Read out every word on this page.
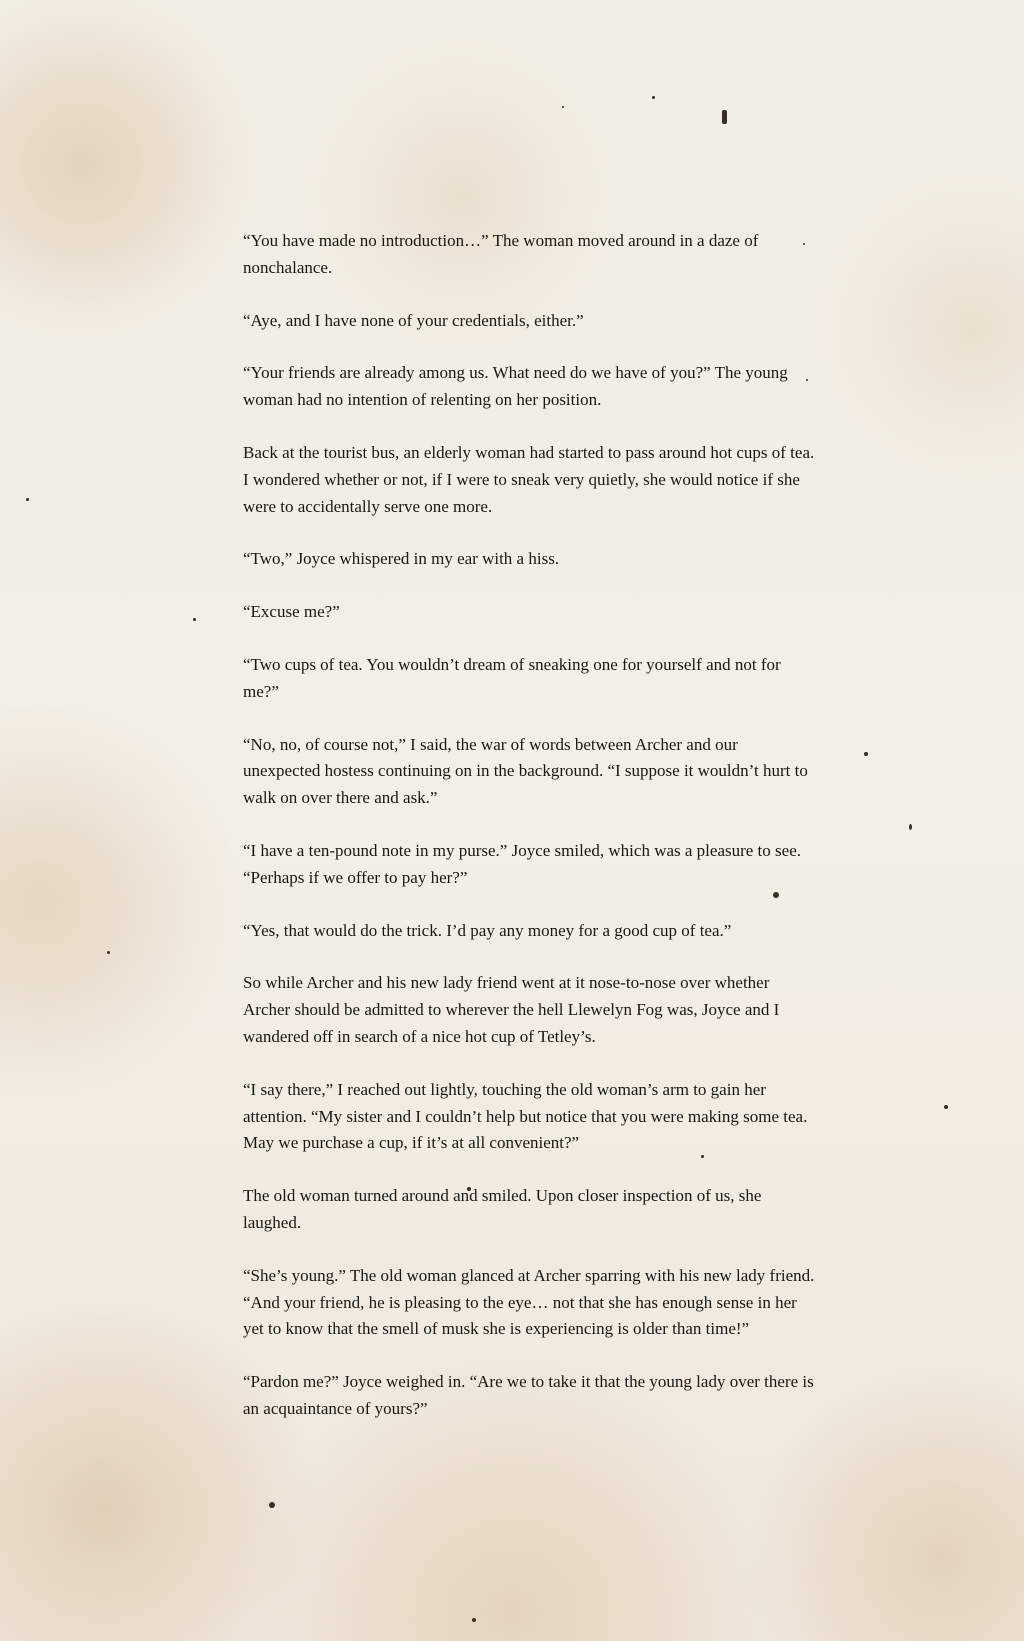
“You have made no introduction…” The woman moved around in a daze of nonchalance.

“Aye, and I have none of your credentials, either.”

“Your friends are already among us. What need do we have of you?” The young woman had no intention of relenting on her position.

Back at the tourist bus, an elderly woman had started to pass around hot cups of tea. I wondered whether or not, if I were to sneak very quietly, she would notice if she were to accidentally serve one more.

“Two,” Joyce whispered in my ear with a hiss.

“Excuse me?”

“Two cups of tea. You wouldn’t dream of sneaking one for yourself and not for me?”

“No, no, of course not,” I said, the war of words between Archer and our unexpected hostess continuing on in the background. “I suppose it wouldn’t hurt to walk on over there and ask.”

“I have a ten-pound note in my purse.” Joyce smiled, which was a pleasure to see. “Perhaps if we offer to pay her?”

“Yes, that would do the trick. I’d pay any money for a good cup of tea.”

So while Archer and his new lady friend went at it nose-to-nose over whether Archer should be admitted to wherever the hell Llewelyn Fog was, Joyce and I wandered off in search of a nice hot cup of Tetley’s.

“I say there,” I reached out lightly, touching the old woman’s arm to gain her attention. “My sister and I couldn’t help but notice that you were making some tea. May we purchase a cup, if it’s at all convenient?”

The old woman turned around and smiled. Upon closer inspection of us, she laughed.

“She’s young.” The old woman glanced at Archer sparring with his new lady friend. “And your friend, he is pleasing to the eye… not that she has enough sense in her yet to know that the smell of musk she is experiencing is older than time!”

“Pardon me?” Joyce weighed in. “Are we to take it that the young lady over there is an acquaintance of yours?”
